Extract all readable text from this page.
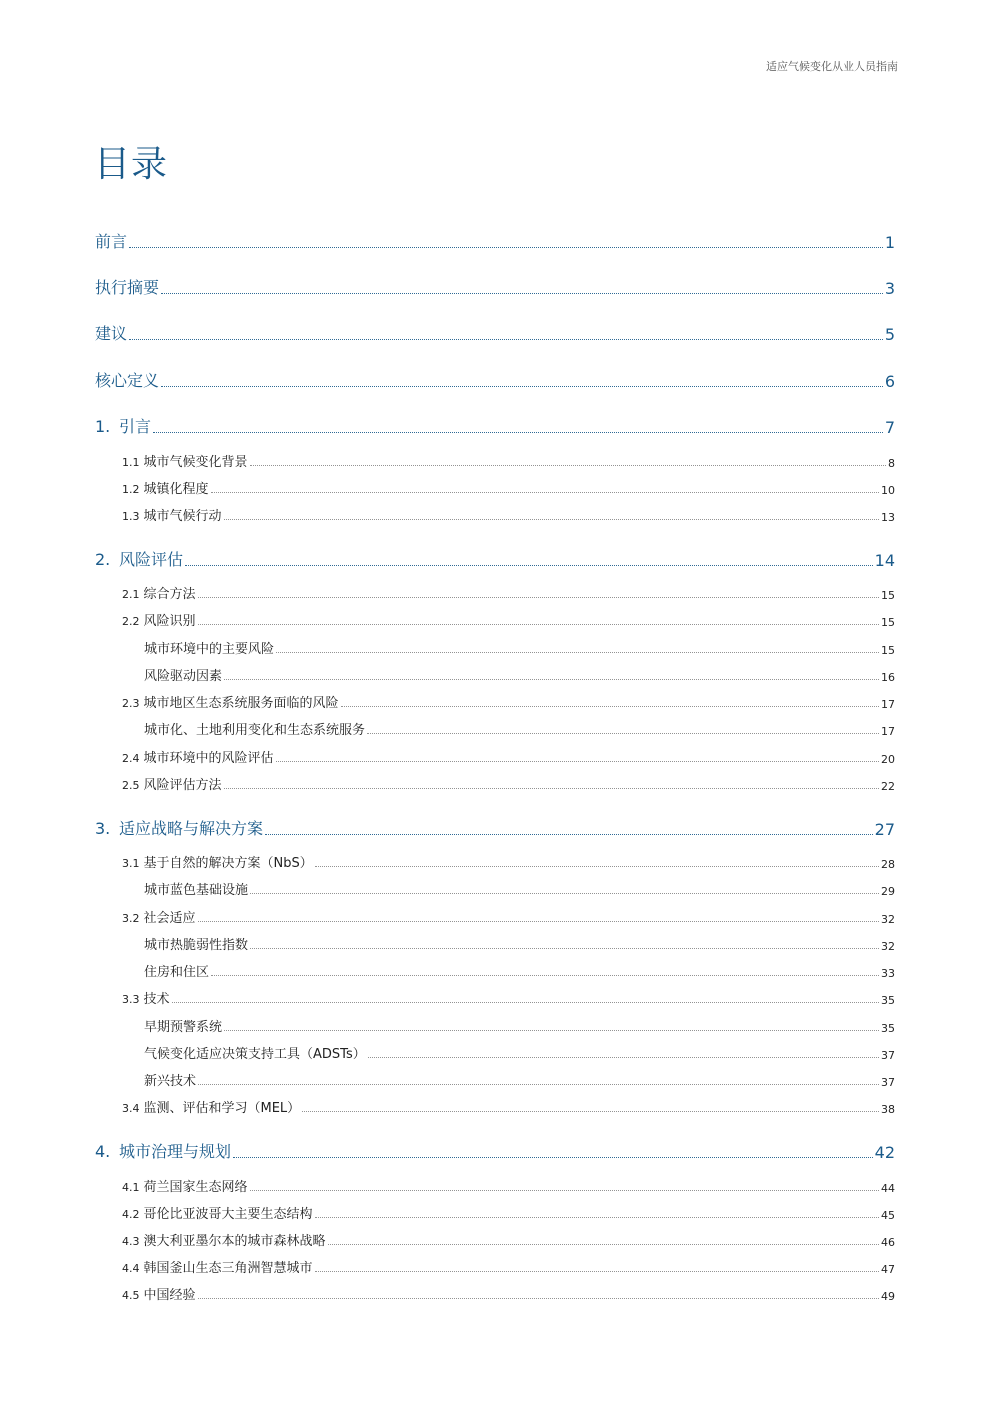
适应气候变化从业人员指南
目录
前言	1
执行摘要	3
建议	5
核心定义	6
1. 引言	7
1.1 城市气候变化背景	8
1.2 城镇化程度	10
1.3 城市气候行动	13
2. 风险评估	14
2.1 综合方法	15
2.2 风险识别	15
城市环境中的主要风险	15
风险驱动因素	16
2.3 城市地区生态系统服务面临的风险	17
城市化、土地利用变化和生态系统服务	17
2.4 城市环境中的风险评估	20
2.5 风险评估方法	22
3. 适应战略与解决方案	27
3.1 基于自然的解决方案（NbS）	28
城市蓝色基础设施	29
3.2 社会适应	32
城市热脆弱性指数	32
住房和住区	33
3.3 技术	35
早期预警系统	35
气候变化适应决策支持工具（ADSTs）	37
新兴技术	37
3.4 监测、评估和学习（MEL）	38
4. 城市治理与规划	42
4.1 荷兰国家生态网络	44
4.2 哥伦比亚波哥大主要生态结构	45
4.3 澳大利亚墨尔本的城市森林战略	46
4.4 韩国釜山生态三角洲智慧城市	47
4.5 中国经验	49
